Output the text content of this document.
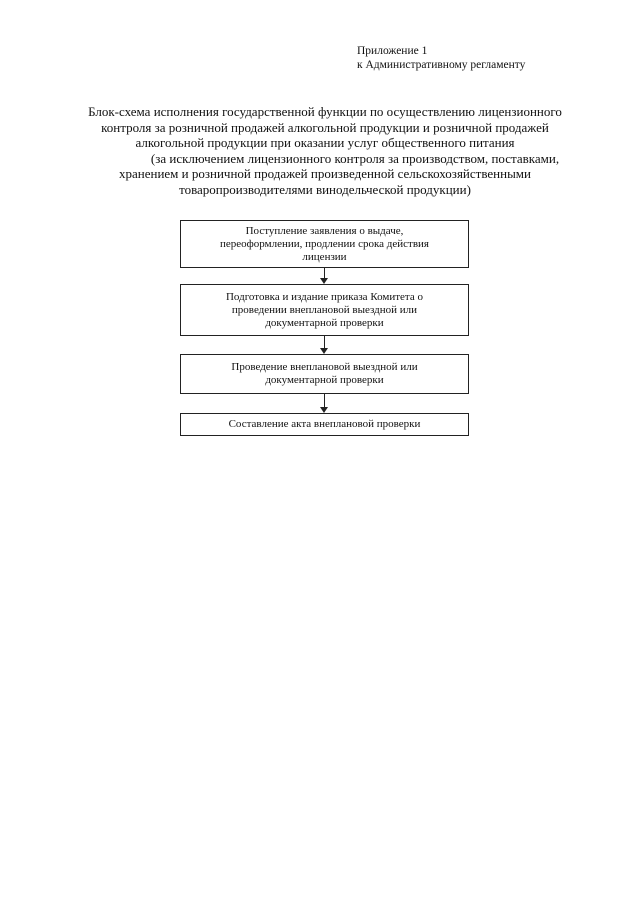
Приложение 1
к Административному регламенту
Блок-схема исполнения государственной функции по осуществлению лицензионного
контроля за розничной продажей алкогольной продукции и розничной продажей
алкогольной продукции при оказании услуг общественного питания
(за исключением лицензионного контроля за производством, поставками,
хранением и розничной продажей произведенной сельскохозяйственными
товаропроизводителями винодельческой продукции)
Поступление заявления о выдаче,
переоформлении, продлении срока действия
лицензии
Подготовка и издание приказа Комитета о
проведении внеплановой выездной или
документарной проверки
Проведение внеплановой выездной или
документарной проверки
Составление акта внеплановой проверки
